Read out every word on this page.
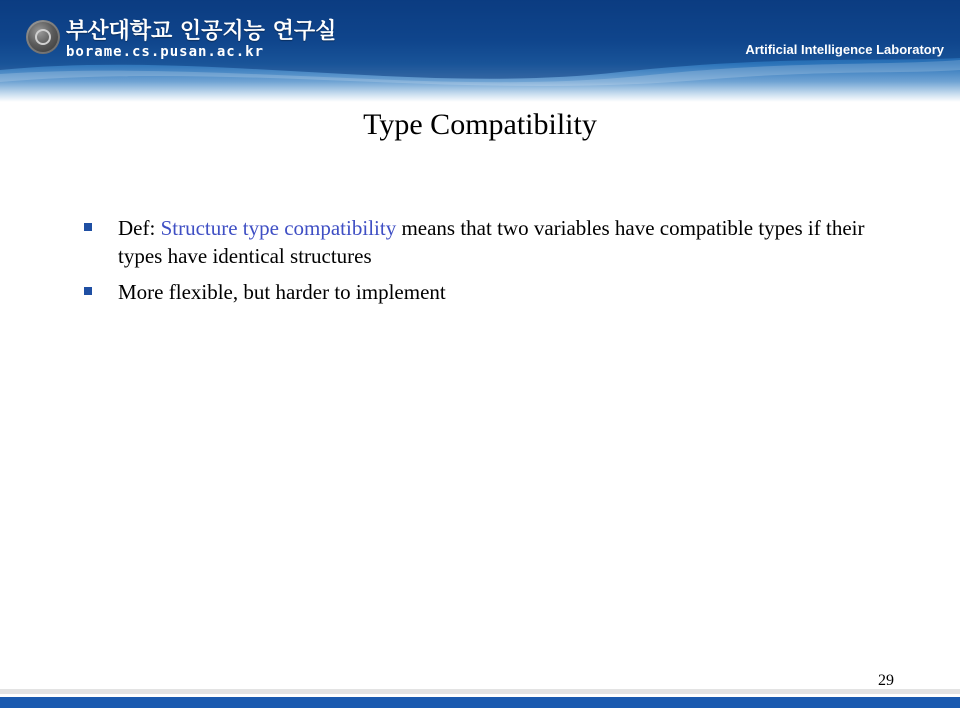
부산대학교 인공지능 연구실
borame.cs.pusan.ac.kr	Artificial Intelligence Laboratory
Type Compatibility
Def: Structure type compatibility means that two variables have compatible types if their types have identical structures
More flexible, but harder to implement
29
